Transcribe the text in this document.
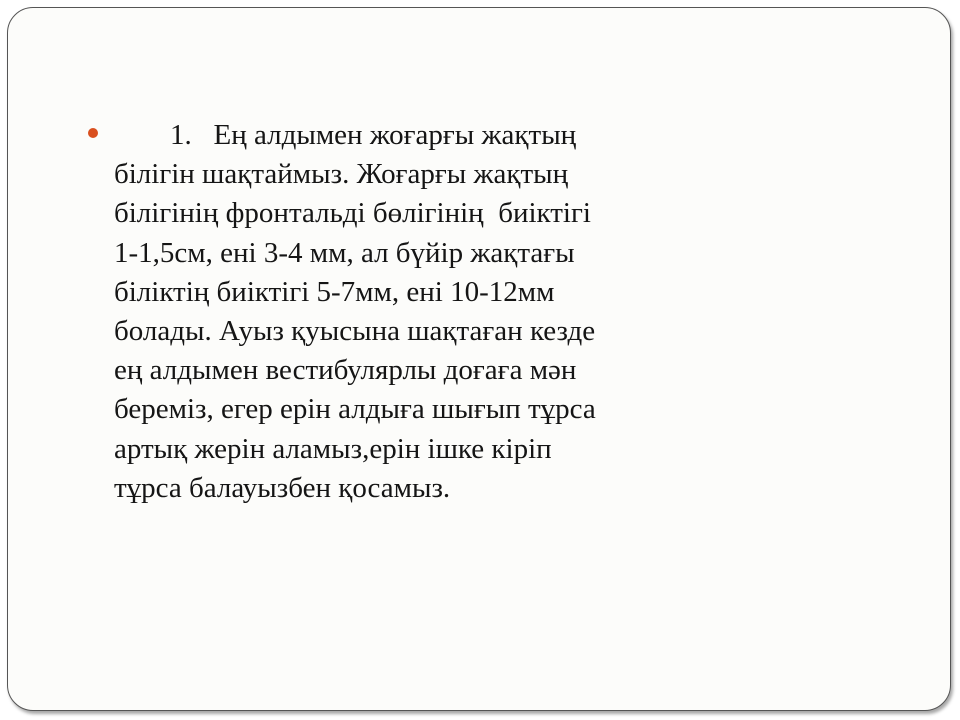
1. Ең алдымен жоғарғы жақтың
білігін шақтаймыз. Жоғарғы жақтың
білігінің фронтальді бөлігінің  биіктігі
1-1,5см, ені 3-4 мм, ал бүйір жақтағы
біліктің биіктігі 5-7мм, ені 10-12мм
болады. Ауыз қуысына шақтаған кезде
ең алдымен вестибулярлы доғаға мән
береміз, егер ерін алдыға шығып тұрса
артық жерін аламыз,ерін ішке кіріп
тұрса балауызбен қосамыз.
